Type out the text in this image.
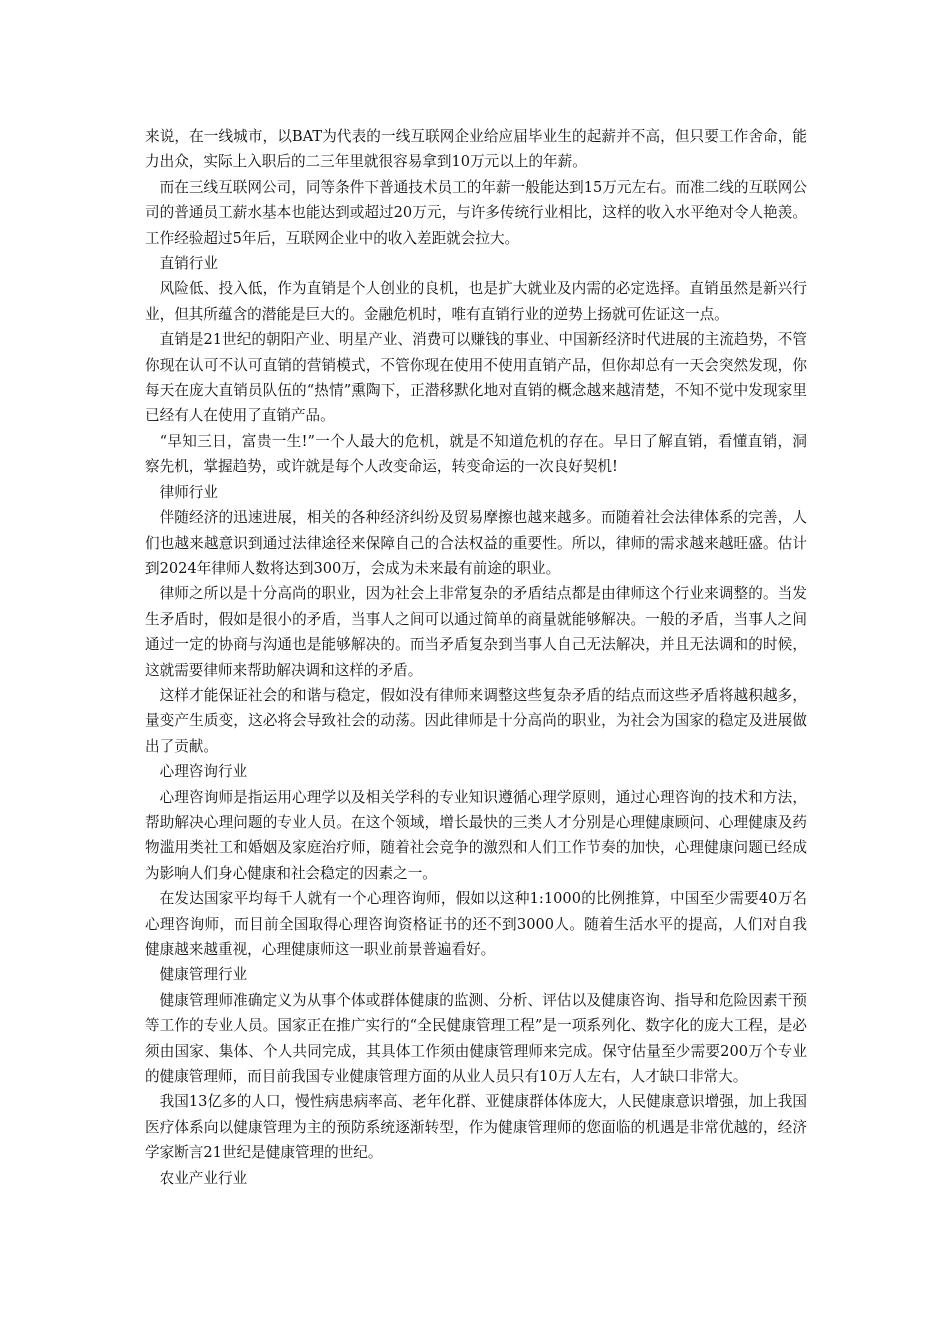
来说，在一线城市，以BAT为代表的一线互联网企业给应届毕业生的起薪并不高，但只要工作舍命，能力出众，实际上入职后的二三年里就很容易拿到10万元以上的年薪。

而在三线互联网公司，同等条件下普通技术员工的年薪一般能达到15万元左右。而准二线的互联网公司的普通员工薪水基本也能达到或超过20万元，与许多传统行业相比，这样的收入水平绝对令人艳羡。工作经验超过5年后，互联网企业中的收入差距就会拉大。

直销行业

风险低、投入低，作为直销是个人创业的良机，也是扩大就业及内需的必定选择。直销虽然是新兴行业，但其所蕴含的潜能是巨大的。金融危机时，唯有直销行业的逆势上扬就可佐证这一点。

直销是21世纪的朝阳产业、明星产业、消费可以赚钱的事业、中国新经济时代进展的主流趋势，不管你现在认可不认可直销的营销模式，不管你现在使用不使用直销产品，但你却总有一天会突然发现，你每天在庞大直销员队伍的“热情”熏陶下，正潜移默化地对直销的概念越来越清楚，不知不觉中发现家里已经有人在使用了直销产品。

“早知三日，富贵一生!”一个人最大的危机，就是不知道危机的存在。早日了解直销，看懂直销，洞察先机，掌握趋势，或许就是每个人改变命运，转变命运的一次良好契机!

律师行业

伴随经济的迅速进展，相关的各种经济纠纷及贸易摩擦也越来越多。而随着社会法律体系的完善，人们也越来越意识到通过法律途径来保障自己的合法权益的重要性。所以，律师的需求越来越旺盛。估计到2024年律师人数将达到300万，会成为未来最有前途的职业。

律师之所以是十分高尚的职业，因为社会上非常复杂的矛盾结点都是由律师这个行业来调整的。当发生矛盾时，假如是很小的矛盾，当事人之间可以通过简单的商量就能够解决。一般的矛盾，当事人之间通过一定的协商与沟通也是能够解决的。而当矛盾复杂到当事人自己无法解决，并且无法调和的时候，这就需要律师来帮助解决调和这样的矛盾。

这样才能保证社会的和谐与稳定，假如没有律师来调整这些复杂矛盾的结点而这些矛盾将越积越多，量变产生质变，这必将会导致社会的动荡。因此律师是十分高尚的职业，为社会为国家的稳定及进展做出了贡献。

心理咨询行业

心理咨询师是指运用心理学以及相关学科的专业知识遵循心理学原则，通过心理咨询的技术和方法，帮助解决心理问题的专业人员。在这个领域，增长最快的三类人才分别是心理健康顾问、心理健康及药物滥用类社工和婚姻及家庭治疗师，随着社会竞争的激烈和人们工作节奏的加快，心理健康问题已经成为影响人们身心健康和社会稳定的因素之一。

在发达国家平均每千人就有一个心理咨询师，假如以这种1:1000的比例推算，中国至少需要40万名心理咨询师，而目前全国取得心理咨询资格证书的还不到3000人。随着生活水平的提高，人们对自我健康越来越重视，心理健康师这一职业前景普遍看好。

健康管理行业

健康管理师准确定义为从事个体或群体健康的监测、分析、评估以及健康咨询、指导和危险因素干预等工作的专业人员。国家正在推广实行的“全民健康管理工程”是一项系列化、数字化的庞大工程，是必须由国家、集体、个人共同完成，其具体工作须由健康管理师来完成。保守估量至少需要200万个专业的健康管理师，而目前我国专业健康管理方面的从业人员只有10万人左右，人才缺口非常大。

我国13亿多的人口，慢性病患病率高、老年化群、亚健康群体体庞大，人民健康意识增强，加上我国医疗体系向以健康管理为主的预防系统逐渐转型，作为健康管理师的您面临的机遇是非常优越的，经济学家断言21世纪是健康管理的世纪。

农业产业行业
